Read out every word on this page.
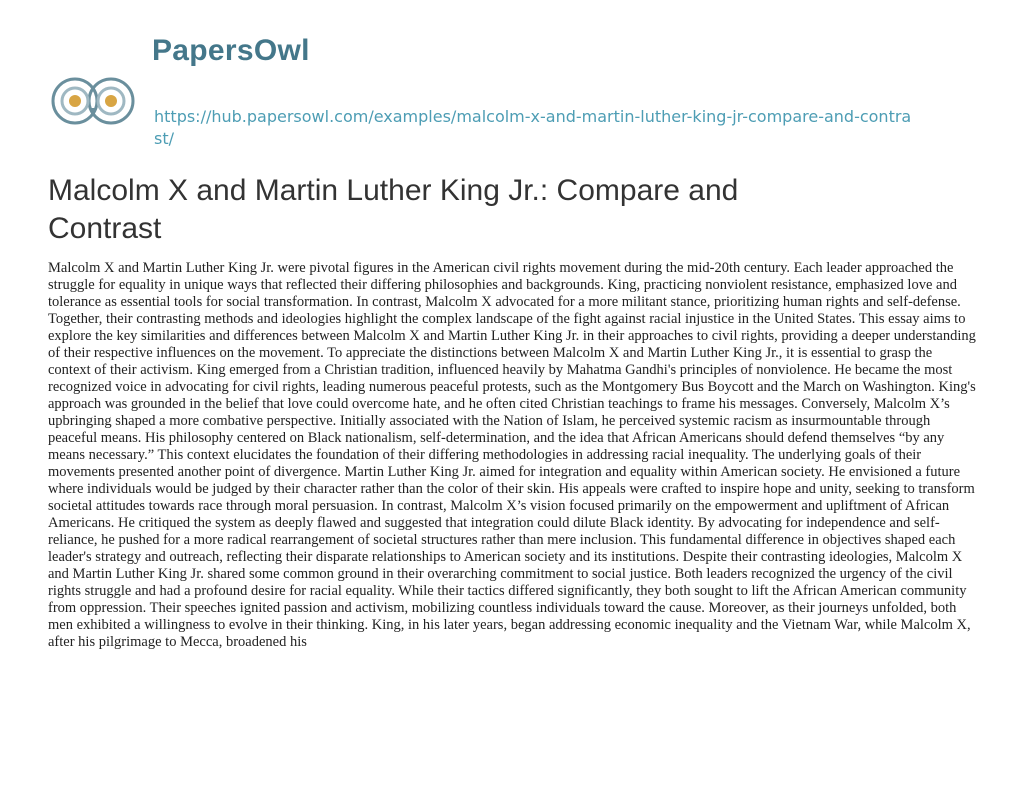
PapersOwl
https://hub.papersowl.com/examples/malcolm-x-and-martin-luther-king-jr-compare-and-contrast/
Malcolm X and Martin Luther King Jr.: Compare and Contrast

Malcolm X and Martin Luther King Jr. were pivotal figures in the American civil rights movement during the mid-20th century. Each leader approached the struggle for equality in unique ways that reflected their differing philosophies and backgrounds. King, practicing nonviolent resistance, emphasized love and tolerance as essential tools for social transformation. In contrast, Malcolm X advocated for a more militant stance, prioritizing human rights and self-defense. Together, their contrasting methods and ideologies highlight the complex landscape of the fight against racial injustice in the United States. This essay aims to explore the key similarities and differences between Malcolm X and Martin Luther King Jr. in their approaches to civil rights, providing a deeper understanding of their respective influences on the movement. To appreciate the distinctions between Malcolm X and Martin Luther King Jr., it is essential to grasp the context of their activism. King emerged from a Christian tradition, influenced heavily by Mahatma Gandhi's principles of nonviolence. He became the most recognized voice in advocating for civil rights, leading numerous peaceful protests, such as the Montgomery Bus Boycott and the March on Washington. King's approach was grounded in the belief that love could overcome hate, and he often cited Christian teachings to frame his messages. Conversely, Malcolm X’s upbringing shaped a more combative perspective. Initially associated with the Nation of Islam, he perceived systemic racism as insurmountable through peaceful means. His philosophy centered on Black nationalism, self-determination, and the idea that African Americans should defend themselves “by any means necessary.” This context elucidates the foundation of their differing methodologies in addressing racial inequality. The underlying goals of their movements presented another point of divergence. Martin Luther King Jr. aimed for integration and equality within American society. He envisioned a future where individuals would be judged by their character rather than the color of their skin. His appeals were crafted to inspire hope and unity, seeking to transform societal attitudes towards race through moral persuasion. In contrast, Malcolm X’s vision focused primarily on the empowerment and upliftment of African Americans. He critiqued the system as deeply flawed and suggested that integration could dilute Black identity. By advocating for independence and self-reliance, he pushed for a more radical rearrangement of societal structures rather than mere inclusion. This fundamental difference in objectives shaped each leader's strategy and outreach, reflecting their disparate relationships to American society and its institutions. Despite their contrasting ideologies, Malcolm X and Martin Luther King Jr. shared some common ground in their overarching commitment to social justice. Both leaders recognized the urgency of the civil rights struggle and had a profound desire for racial equality. While their tactics differed significantly, they both sought to lift the African American community from oppression. Their speeches ignited passion and activism, mobilizing countless individuals toward the cause. Moreover, as their journeys unfolded, both men exhibited a willingness to evolve in their thinking. King, in his later years, began addressing economic inequality and the Vietnam War, while Malcolm X, after his pilgrimage to Mecca, broadened his
